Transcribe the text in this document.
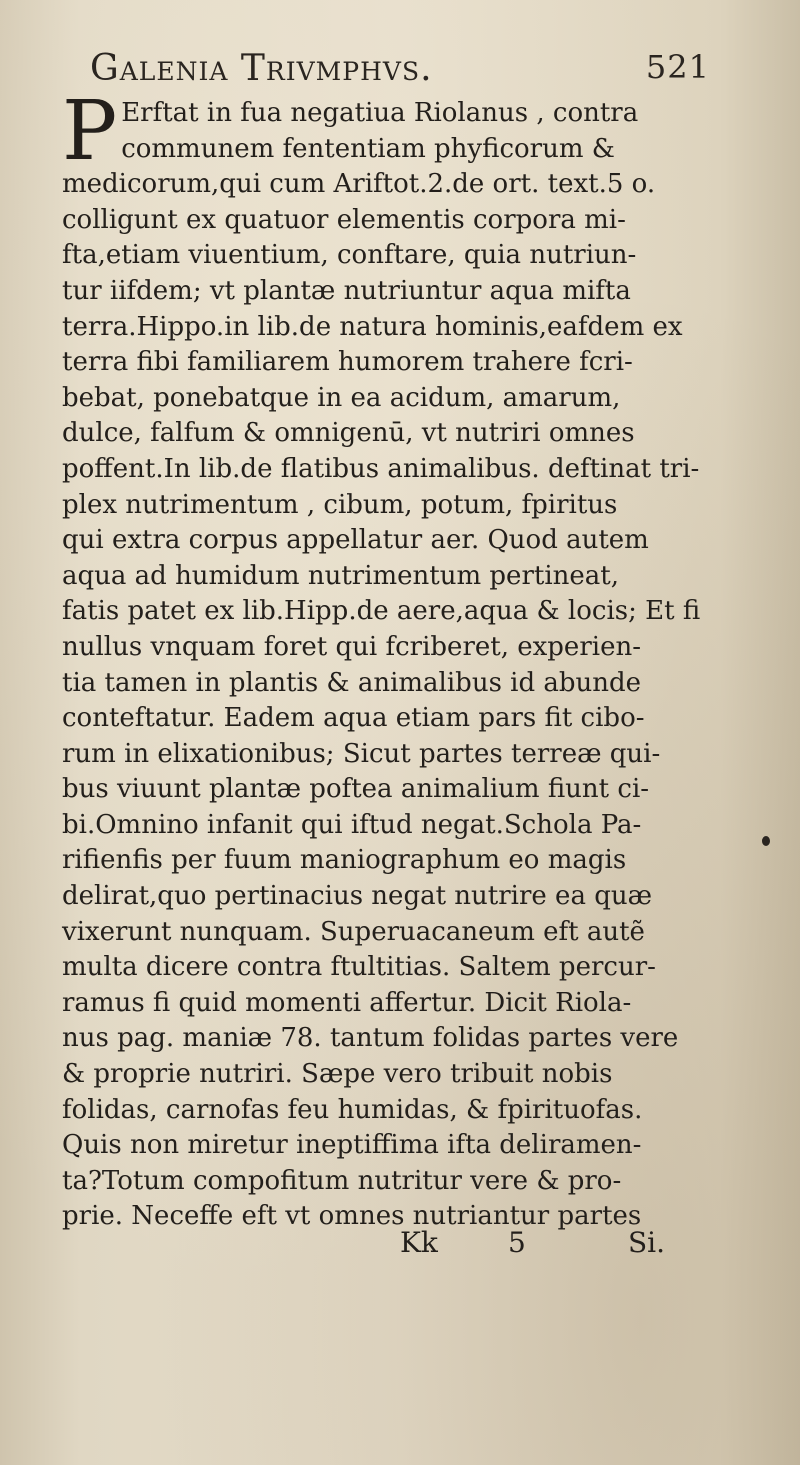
Galenia Trivmphvs.	521
P Erftat in fua negatiua Riolanus , contra
communem fententiam phyficorum &
medicorum,qui cum Ariftot.2.de ort. text.5 o.
colligunt ex quatuor elementis corpora mi-
fta,etiam viuentium, conftare, quia nutriun-
tur iifdem; vt plantæ nutriuntur aqua mifta
terra.Hippo.in lib.de natura hominis,eafdem ex
terra fibi familiarem humorem trahere fcri-
bebat, ponebatque in ea acidum, amarum,
dulce, falfum & omnigenū, vt nutriri omnes
poffent.In lib.de flatibus animalibus. deftinat tri-
plex nutrimentum , cibum, potum, fpiritus
qui extra corpus appellatur aer. Quod autem
aqua ad humidum nutrimentum pertineat,
fatis patet ex lib.Hipp.de aere,aqua & locis; Et fi
nullus vnquam foret qui fcriberet, experien-
tia tamen in plantis & animalibus id abunde
conteftatur. Eadem aqua etiam pars fit cibo-
rum in elixationibus; Sicut partes terreæ qui-
bus viuunt plantæ poftea animalium fiunt ci-
bi.Omnino infanit qui iftud negat.Schola Pa-
rifienfis per fuum maniographum eo magis
delirat,quo pertinacius negat nutrire ea quæ
vixerunt nunquam. Superuacaneum eft autẽ
multa dicere contra ftultitias. Saltem percur-
ramus fi quid momenti affertur. Dicit Riola-
nus pag. maniæ 78. tantum folidas partes vere
& proprie nutriri. Sæpe vero tribuit nobis
folidas, carnofas feu humidas, & fpirituofas.
Quis non miretur ineptiffima ifta deliramen-
ta?Totum compofitum nutritur vere & pro-
prie. Neceffe eft vt omnes nutriantur partes
Kk	5	Si.
